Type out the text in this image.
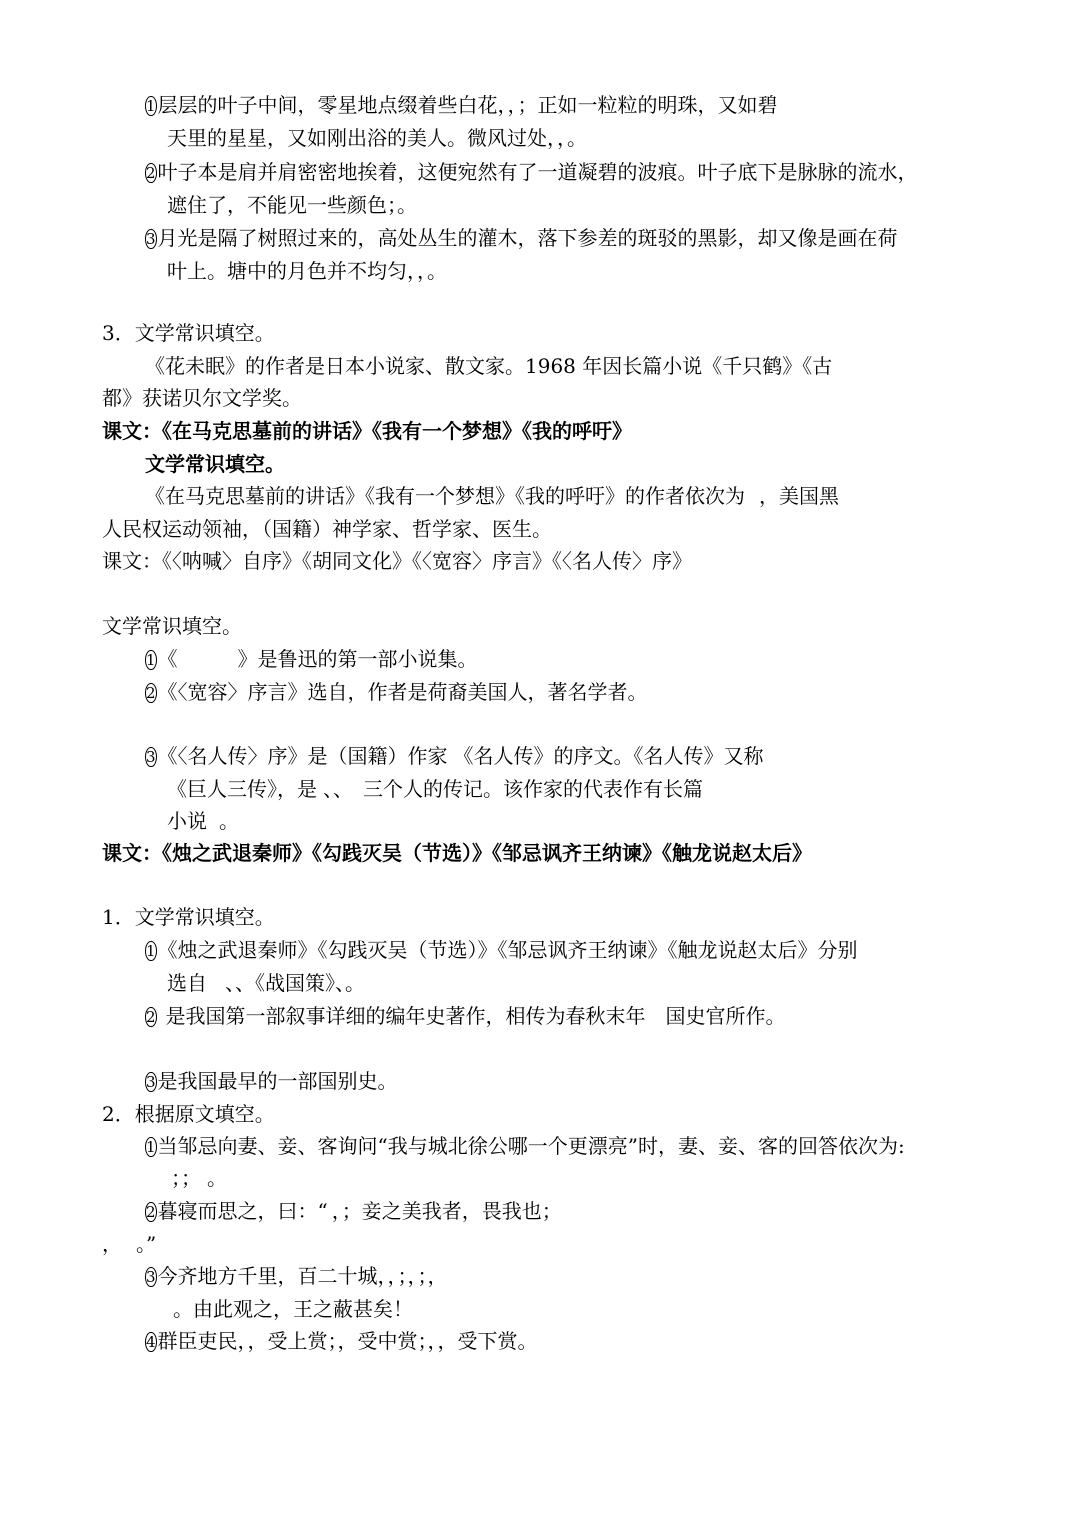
1 层层的叶子中间，零星地点缀着些白花，，；正如一粒粒的明珠，又如碧
天里的星星，又如刚出浴的美人。微风过处，，。
2 叶子本是肩并肩密密地挨着，这便宛然有了一道凝碧的波痕。叶子底下是脉脉的流水，
遮住了，不能见一些颜色；。
3 月光是隔了树照过来的，高处丛生的灌木，落下参差的斑驳的黑影，却又像是画在荷
叶上。塘中的月色并不均匀，，。
3．文学常识填空。
《花未眠》的作者是日本小说家、散文家。1968 年因长篇小说《千只鹤》《古
都》获诺贝尔文学奖。
课文：《在马克思墓前的讲话》《我有一个梦想》《我的呼吁》
文学常识填空。
《在马克思墓前的讲话》《我有一个梦想》《我的呼吁》的作者依次为 ，美国黑
人民权运动领袖，（国籍）神学家、哲学家、医生。
课文：《〈呐喊〉自序》《胡同文化》《〈宽容〉序言》《〈名人传〉序》
文学常识填空。
1 《	》是鲁迅的第一部小说集。
2 《〈宽容〉序言》选自，作者是荷裔美国人，著名学者。
3 《〈名人传〉序》是（国籍）作家 《名人传》的序文。《名人传》又称
《巨人三传》，是 、、 三个人的传记。该作家的代表作有长篇
小说 。
课文：《烛之武退秦师》《勾践灭吴（节选）》《邹忌讽齐王纳谏》《触龙说赵太后》
1．文学常识填空。
1 《烛之武退秦师》《勾践灭吴（节选）》《邹忌讽齐王纳谏》《触龙说赵太后》分别
选自 、、《战国策》、。
2 是我国第一部叙事详细的编年史著作，相传为春秋末年　国史官所作。
3 是我国最早的一部国别史。
2．根据原文填空。
1 当邹忌向妻、妾、客询问“我与城北徐公哪一个更漂亮”时，妻、妾、客的回答依次为:
；； 。
2 暮寝而思之，曰：“ ，；妾之美我者，畏我也；
， 。”
3 今齐地方千里，百二十城，，；，；，
。由此观之，王之蔽甚矣！
4 群臣吏民，，受上赏；，受中赏；，，受下赏。
